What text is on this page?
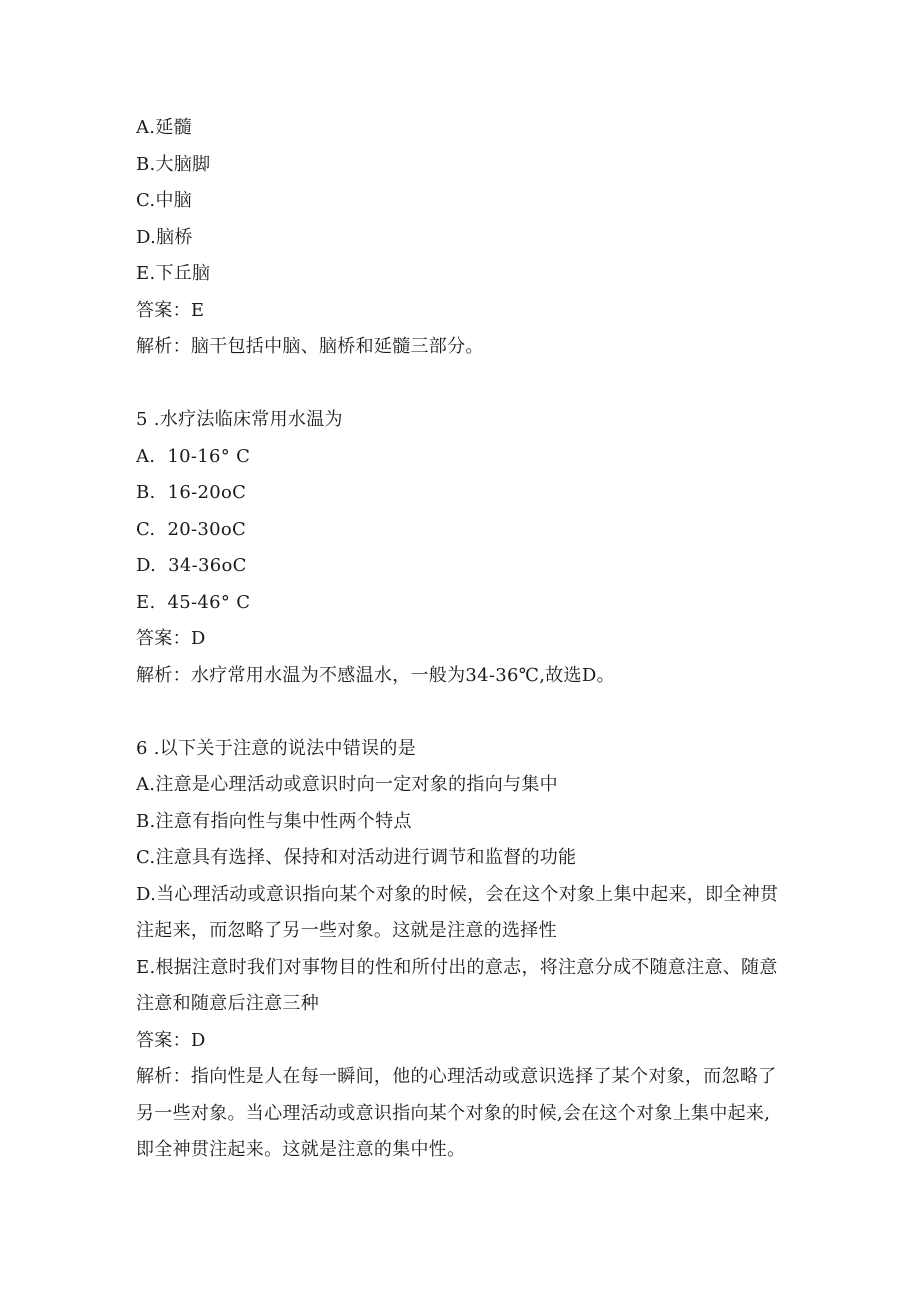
A.延髓
B.大脑脚
C.中脑
D.脑桥
E.下丘脑
答案：E
解析：脑干包括中脑、脑桥和延髓三部分。
5 .水疗法临床常用水温为
A.  10-16° C
B.  16-20oC
C.  20-30oC
D.  34-36oC
E.  45-46° C
答案：D
解析：水疗常用水温为不感温水，一般为34-36℃,故选D。
6 .以下关于注意的说法中错误的是
A.注意是心理活动或意识时向一定对象的指向与集中
B.注意有指向性与集中性两个特点
C.注意具有选择、保持和对活动进行调节和监督的功能
D.当心理活动或意识指向某个对象的时候，会在这个对象上集中起来，即全神贯注起来，而忽略了另一些对象。这就是注意的选择性
E.根据注意时我们对事物目的性和所付出的意志，将注意分成不随意注意、随意注意和随意后注意三种
答案：D
解析：指向性是人在每一瞬间，他的心理活动或意识选择了某个对象，而忽略了另一些对象。当心理活动或意识指向某个对象的时候,会在这个对象上集中起来,即全神贯注起来。这就是注意的集中性。
